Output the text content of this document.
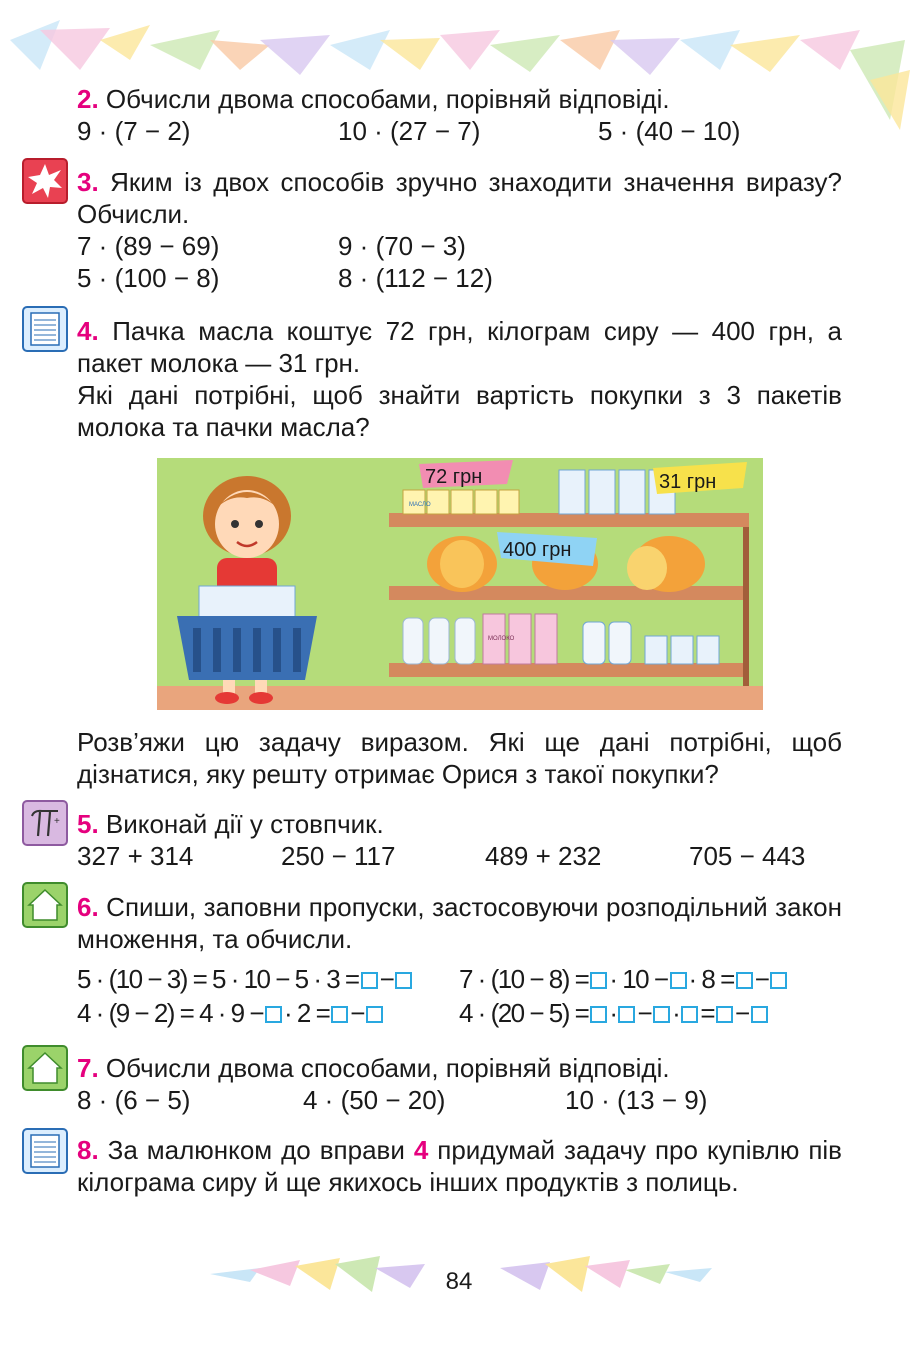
2. Обчисли двома способами, порівняй відповіді.
9 · (7 − 2)	10 · (27 − 7)	5 · (40 − 10)
3. Яким із двох способів зручно знаходити значення виразу? Обчисли.
7 · (89 − 69)	9 · (70 − 3)
5 · (100 − 8)	8 · (112 − 12)
4. Пачка масла коштує 72 грн, кілограм сиру — 400 грн, а пакет молока — 31 грн.
Які дані потрібні, щоб знайти вартість покупки з 3 пакетів молока та пачки масла?
МАСЛО
72 грн	31 грн
400 грн
МОЛОКО
Розв’яжи цю задачу виразом. Які ще дані потрібні, щоб дізнатися, яку решту отримає Орися з такої покупки?
+ 5. Виконай дії у стовпчик.
327 + 314	250 − 117	489 + 232	705 − 443
6. Спиши, заповни пропуски, застосовуючи розподільний закон множення, та обчисли.
5 · (10 − 3) = 5 · 10 − 5 · 3 = −	7 · (10 − 8) = · 10 − · 8 = −
4 · (9 − 2) = 4 · 9 − · 2 = −	4 · (20 − 5) = · − · = −
7. Обчисли двома способами, порівняй відповіді.
8 · (6 − 5)	4 · (50 − 20)	10 · (13 − 9)
8. За малюнком до вправи 4 придумай задачу про купівлю пів кілограма сиру й ще якихось інших продуктів з полиць.
84
